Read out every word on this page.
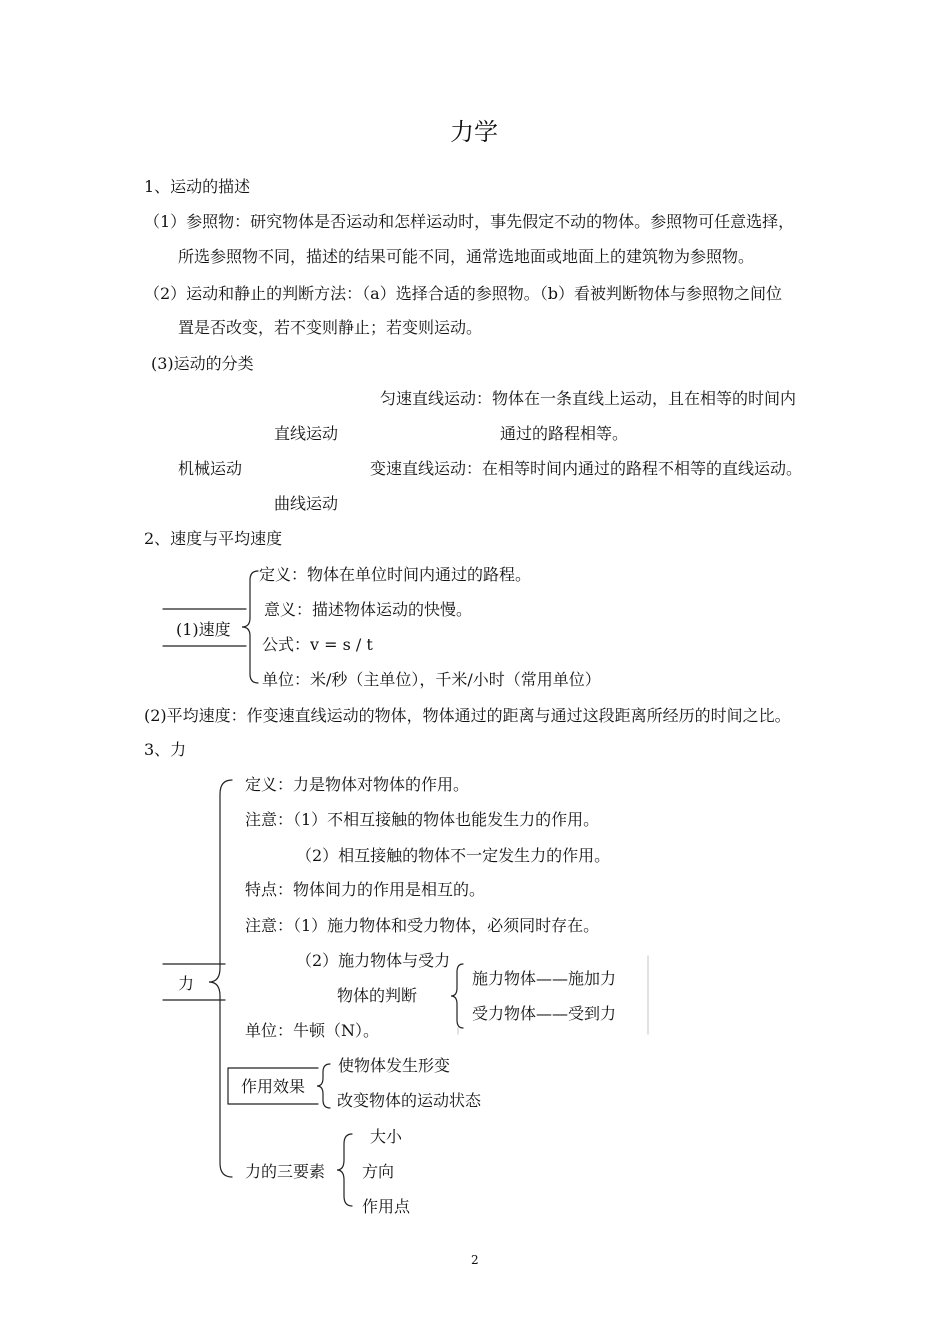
力学
1、运动的描述
（1）参照物：研究物体是否运动和怎样运动时，事先假定不动的物体。参照物可任意选择，
所选参照物不同，描述的结果可能不同，通常选地面或地面上的建筑物为参照物。
（2）运动和静止的判断方法：（a）选择合适的参照物。（b）看被判断物体与参照物之间位
置是否改变，若不变则静止；若变则运动。
(3)运动的分类
匀速直线运动：物体在一条直线上运动，且在相等的时间内
通过的路程相等。
直线运动
机械运动	变速直线运动：在相等时间内通过的路程不相等的直线运动。
曲线运动
2、速度与平均速度
定义：物体在单位时间内通过的路程。
意义：描述物体运动的快慢。
(1)速度
公式：v = s / t
单位：米/秒（主单位），千米/小时（常用单位）
(2)平均速度：作变速直线运动的物体，物体通过的距离与通过这段距离所经历的时间之比。
3、力
定义：力是物体对物体的作用。
注意：（1）不相互接触的物体也能发生力的作用。
（2）相互接触的物体不一定发生力的作用。
特点：物体间力的作用是相互的。
注意：（1）施力物体和受力物体，必须同时存在。
（2）施力物体与受力
力	施力物体——施加力
物体的判断
受力物体——受到力
单位：牛顿（N）。
使物体发生形变
作用效果
改变物体的运动状态
大小
力的三要素 方向
作用点
2
